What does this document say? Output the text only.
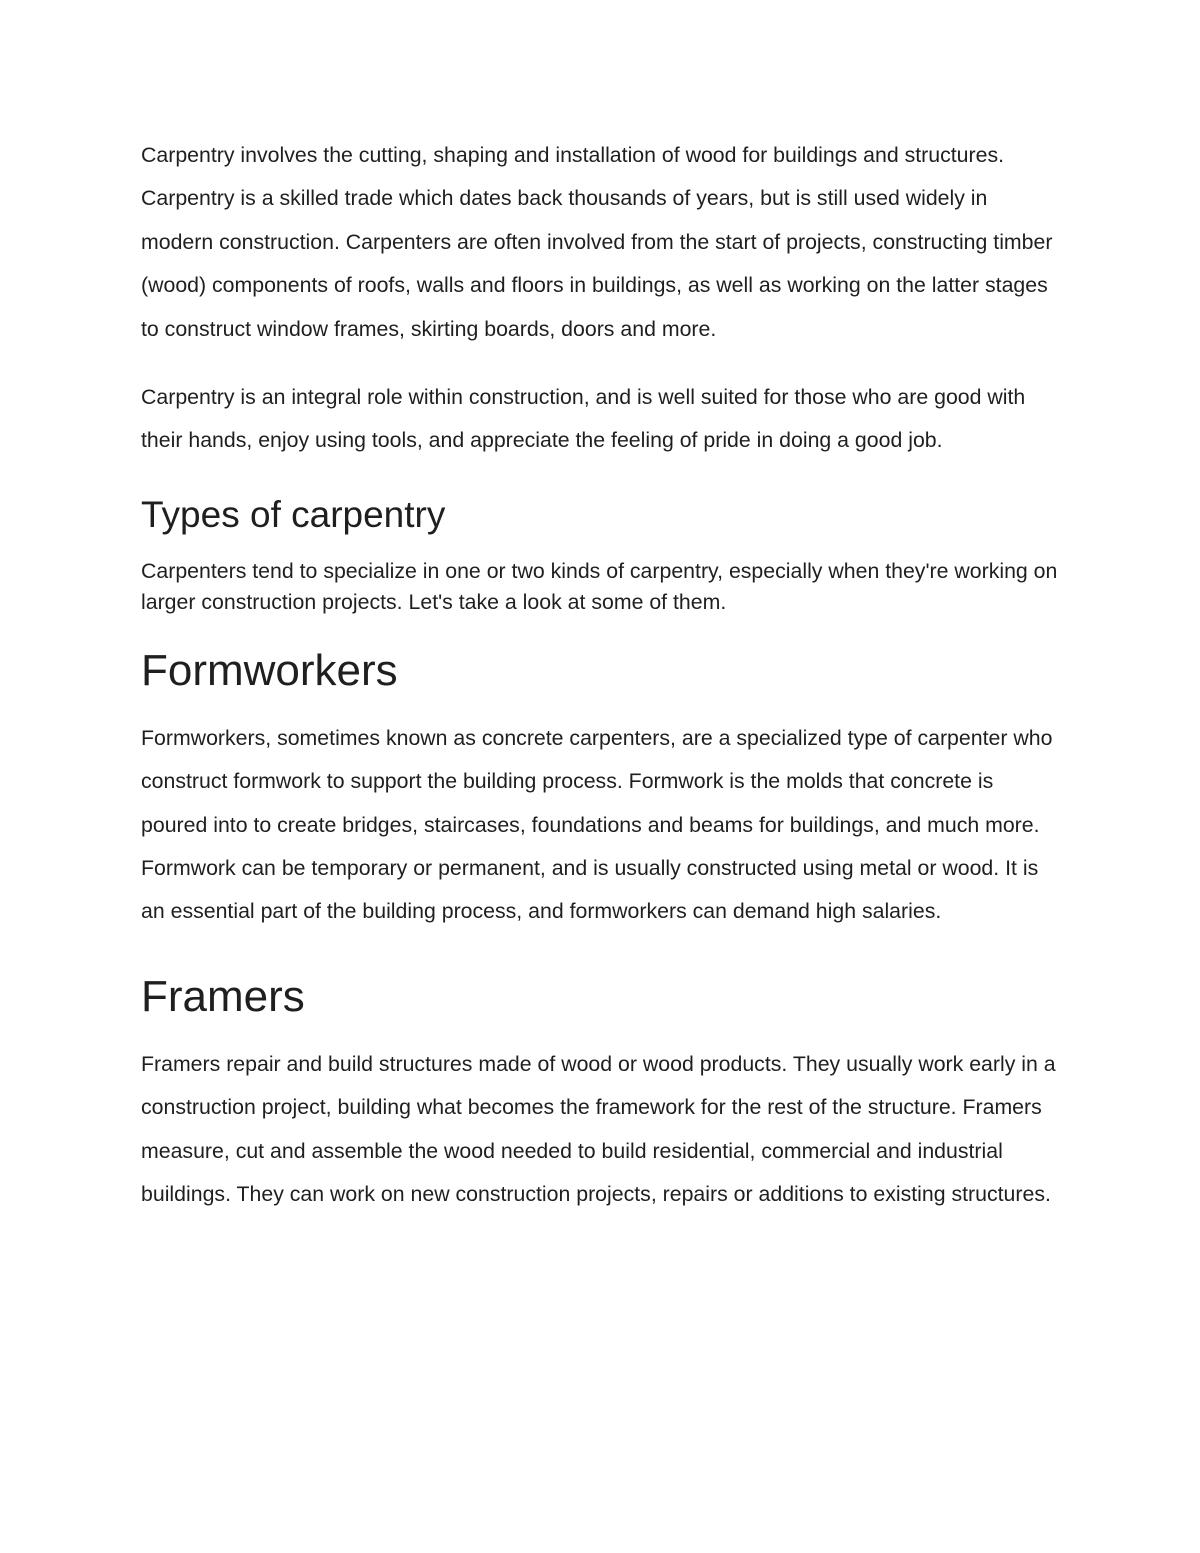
Carpentry involves the cutting, shaping and installation of wood for buildings and structures. Carpentry is a skilled trade which dates back thousands of years, but is still used widely in modern construction. Carpenters are often involved from the start of projects, constructing timber (wood) components of roofs, walls and floors in buildings, as well as working on the latter stages to construct window frames, skirting boards, doors and more.

Carpentry is an integral role within construction, and is well suited for those who are good with their hands, enjoy using tools, and appreciate the feeling of pride in doing a good job.

Types of carpentry

Carpenters tend to specialize in one or two kinds of carpentry, especially when they're working on larger construction projects. Let's take a look at some of them.

Formworkers

Formworkers, sometimes known as concrete carpenters, are a specialized type of carpenter who construct formwork to support the building process. Formwork is the molds that concrete is poured into to create bridges, staircases, foundations and beams for buildings, and much more. Formwork can be temporary or permanent, and is usually constructed using metal or wood. It is an essential part of the building process, and formworkers can demand high salaries.

Framers

Framers repair and build structures made of wood or wood products. They usually work early in a construction project, building what becomes the framework for the rest of the structure. Framers measure, cut and assemble the wood needed to build residential, commercial and industrial buildings. They can work on new construction projects, repairs or additions to existing structures.
